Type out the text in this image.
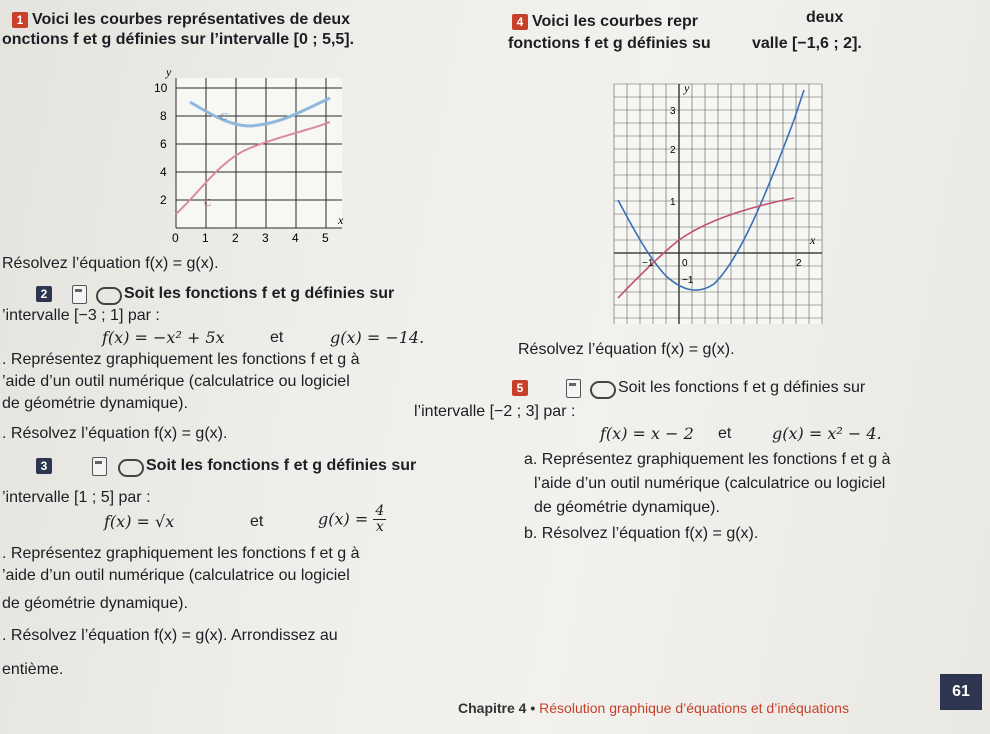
1 Voici les courbes représentatives de deux
onctions f et g définies sur l’intervalle [0 ; 5,5].
y
x
10
8
6
4
2
0 1 2 3 4 5
C
C
Résolvez l’équation f(x) = g(x).
2	Soit les fonctions f et g définies sur
’intervalle [−3 ; 1] par :
f(x) = −x² + 5x	et	g(x) = −14.
. Représentez graphiquement les fonctions f et g à
’aide d’un outil numérique (calculatrice ou logiciel
de géométrie dynamique).
. Résolvez l’équation f(x) = g(x).
3	Soit les fonctions f et g définies sur
’intervalle [1 ; 5] par :
f(x) = √x	et	$g(x) = \frac{4}{x}$
. Représentez graphiquement les fonctions f et g à
’aide d’un outil numérique (calculatrice ou logiciel
de géométrie dynamique).
. Résolvez l’équation f(x) = g(x). Arrondissez au
entième.
4 Voici les courbes repr	deux
fonctions f et g définies su	valle [−1,6 ; 2].
y
x
3
2
1
−1
−1	0	2
Résolvez l’équation f(x) = g(x).
5	Soit les fonctions f et g définies sur
l’intervalle [−2 ; 3] par :
f(x) = x − 2 et	g(x) = x² − 4.
a. Représentez graphiquement les fonctions f et g à
l’aide d’un outil numérique (calculatrice ou logiciel
de géométrie dynamique).
b. Résolvez l’équation f(x) = g(x).
Chapitre 4 • Résolution graphique d’équations et d’inéquations
61
